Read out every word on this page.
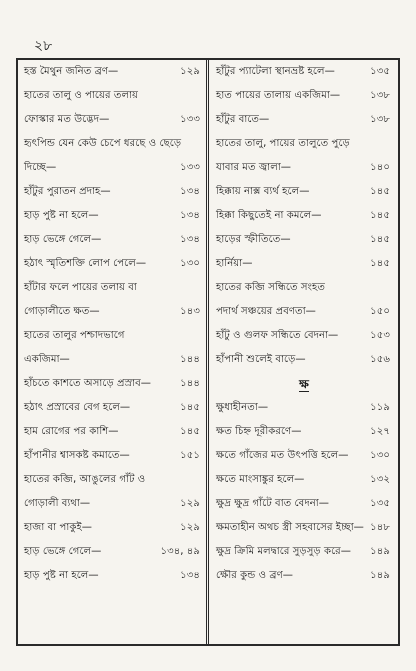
২৮
হস্ত মৈথুন জনিত ব্রণ—	১২৯
হাতের তালু ও পায়ের তলায়
ফোস্কার মত উদ্ভেদ—	১৩৩
হৃৎপিন্ড যেন কেউ চেপে ধরছে ও ছেড়ে
দিচ্ছে—	১৩৩
হাঁটুর পুরাতন প্রদাহ—	১৩৪
হাড় পুষ্ট না হলে—	১৩৪
হাড় ভেঙ্গে গেলে—	১৩৪
হঠাৎ স্মৃতিশক্তি লোপ পেলে—	১৩০
হাঁটার ফলে পায়ের তলায় বা
গোড়ালীতে ক্ষত—	১৪৩
হাতের তালুর পশ্চাদভাগে
একজিমা—	১৪৪
হাঁচতে কাশতে অসাড়ে প্রস্রাব—	১৪৪
হঠাৎ প্রস্রাবের বেগ হলে—	১৪৫
হাম রোগের পর কাশি—	১৪৫
হাঁপানীর শ্বাসকষ্ট কমাতে—	১৫১
হাতের কব্জি, আঙুলের গাঁট ও
গোড়ালী ব্যথা—	১২৯
হাজা বা পাকুই—	১২৯
হাড় ভেঙ্গে গেলে—	১৩৪, ৪৯
হাড় পুষ্ট না হলে—	১৩৪
হাঁটুর প্যাটেলা স্থানভ্রষ্ট হলে—	১৩৫
হাত পায়ের তালায় একজিমা—	১৩৮
হাঁটুর বাতে—	১৩৮
হাতের তালু, পায়ের তালুতে পুড়ে
যাবার মত জ্বালা—	১৪০
হিক্কায় নাক্স ব্যর্থ হলে—	১৪৫
হিক্কা কিছুতেই না কমলে—	১৪৫
হাড়ের স্ফীতিতে—	১৪৫
হার্নিয়া—	১৪৫
হাতের কব্জি সন্ধিতে সংহত
পদার্থ সঞ্চয়ের প্রবণতা—	১৫০
হাঁটু ও গুলফ সন্ধিতে বেদনা—	১৫৩
হাঁপানী শুলেই বাড়ে—	১৫৬
ক্ষ
ক্ষুধাহীনতা—	১১৯
ক্ষত চিহ্ন দূরীকরণে—	১২৭
ক্ষতে গাঁজের মত উৎপত্তি হলে— ১৩০
ক্ষতে মাংসাঙ্কুর হলে—	১৩২
ক্ষুদ্র ক্ষুদ্র গাঁটে বাত বেদনা—	১৩৫
ক্ষমতাহীন অথচ স্ত্রী সহবাসের ইচ্ছা— ১৪৮
ক্ষুদ্র ক্রিমি মলদ্বারে সুড়সুড় করে— ১৪৯
ক্ষৌর কুন্ড ও ব্রণ—	১৪৯
